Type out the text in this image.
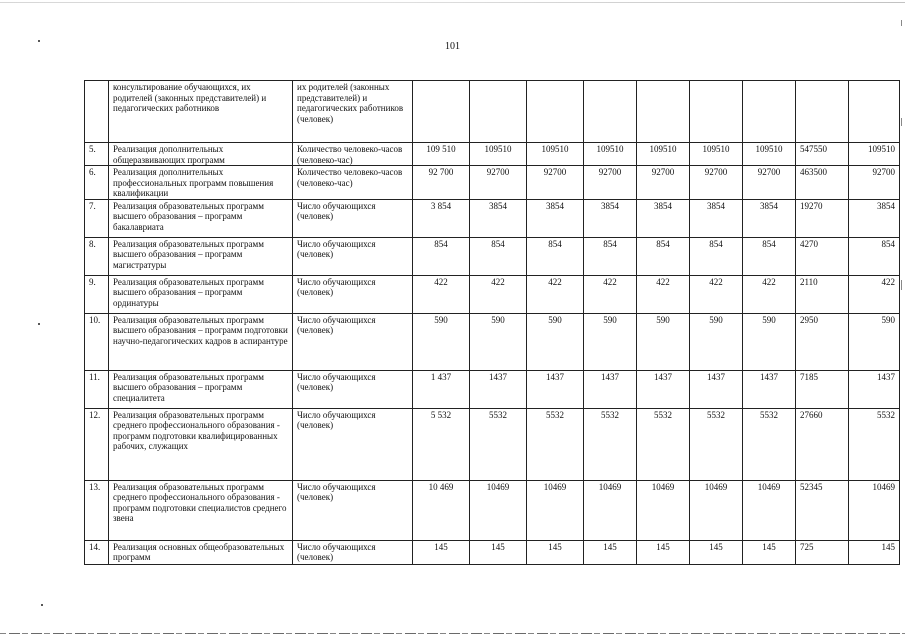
101
	консультирование обучающихся, их родителей (законных представителей) и педагогических работников	их родителей (законных представителей) и педагогических работников (человек)									
5.	Реализация дополнительных общеразвивающих программ	Количество человеко-часов (человеко-час)	109 510	109510	109510	109510	109510	109510	109510	547550	109510
6.	Реализация дополнительных профессиональных программ повышения квалификации	Количество человеко-часов (человеко-час)	92 700	92700	92700	92700	92700	92700	92700	463500	92700
7.	Реализация образовательных программ высшего образования – программ бакалавриата	Число обучающихся (человек)	3 854	3854	3854	3854	3854	3854	3854	19270	3854
8.	Реализация образовательных программ высшего образования – программ магистратуры	Число обучающихся (человек)	854	854	854	854	854	854	854	4270	854
9.	Реализация образовательных программ высшего образования – программ ординатуры	Число обучающихся (человек)	422	422	422	422	422	422	422	2110	422
10.	Реализация образовательных программ высшего образования – программ подготовки научно-педагогических кадров в аспирантуре	Число обучающихся (человек)	590	590	590	590	590	590	590	2950	590
11.	Реализация образовательных программ высшего образования – программ специалитета	Число обучающихся (человек)	1 437	1437	1437	1437	1437	1437	1437	7185	1437
12.	Реализация образовательных программ среднего профессионального образования - программ подготовки квалифицированных рабочих, служащих	Число обучающихся (человек)	5 532	5532	5532	5532	5532	5532	5532	27660	5532
13.	Реализация образовательных программ среднего профессионального образования - программ подготовки специалистов среднего звена	Число обучающихся (человек)	10 469	10469	10469	10469	10469	10469	10469	52345	10469
14.	Реализация основных общеобразовательных программ	Число обучающихся (человек)	145	145	145	145	145	145	145	725	145
